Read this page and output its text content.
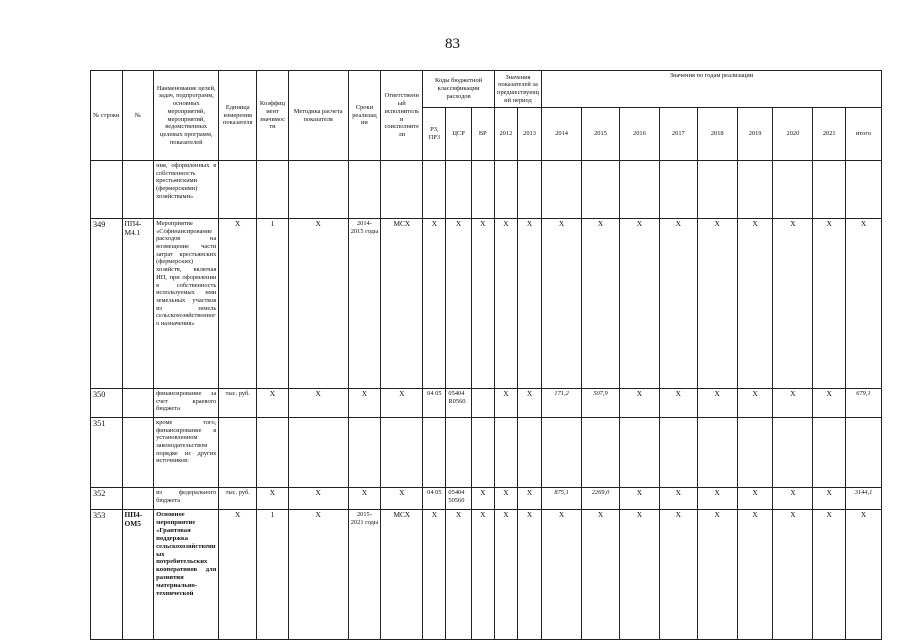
83
№ строки	№	Наименование целей, задач, подпрограмм, основных мероприятий, мероприятий, ведомственных целевых программ, показателей	Единица измерения показателя	Коэффициент значимости	Методика расчета показателя	Сроки реализации	Ответственный исполнитель и соисполнители	Коды бюджетной классификации расходов			Значения показателей за предшествующий период		Значения по годам реализации								
								РЗ, ПР3	ЦСР	ВР	2012	2013	2014	2015	2016	2017	2018	2019	2020	2021	итого
		ния, оформленных в собственность крестьянскими (фермерскими) хозяйствами»																			
349	ПП4-М4.1	Мероприятие «Софинансирование расходов на возмещение части затрат крестьянских (фермерских) хозяйств, включая ИП, при оформлении в собственность используемых ими земельных участков из земель сельскохозяйственного назначения»	Х	1	Х	2014-2015 годы	МСХ	Х	Х	Х	Х	Х	Х	Х	Х	Х	Х	Х	Х	Х	Х
350		финансирование за счет краевого бюджета	тыс. руб.	Х	Х	Х	Х	04 05	05404 R0560		Х	Х	171,2	507,9	Х	Х	Х	Х	Х	Х	679,1
351		кроме того, финансирование в установленном законодательством порядке из других источников:																			
352		из федерального бюджета	тыс. руб.	Х	Х	Х	Х	04 05	05404 50560	Х	Х	Х	875,1	2269,0	Х	Х	Х	Х	Х	Х	3144,1
353	ПП4-ОМ5	Основное мероприятие «Грантовая поддержка сельскохозяйственных потребительских кооперативов для развития материально-технической	Х	1	Х	2015-2021 годы	МСХ	Х	Х	Х	Х	Х	Х	Х	Х	Х	Х	Х	Х	Х	Х
